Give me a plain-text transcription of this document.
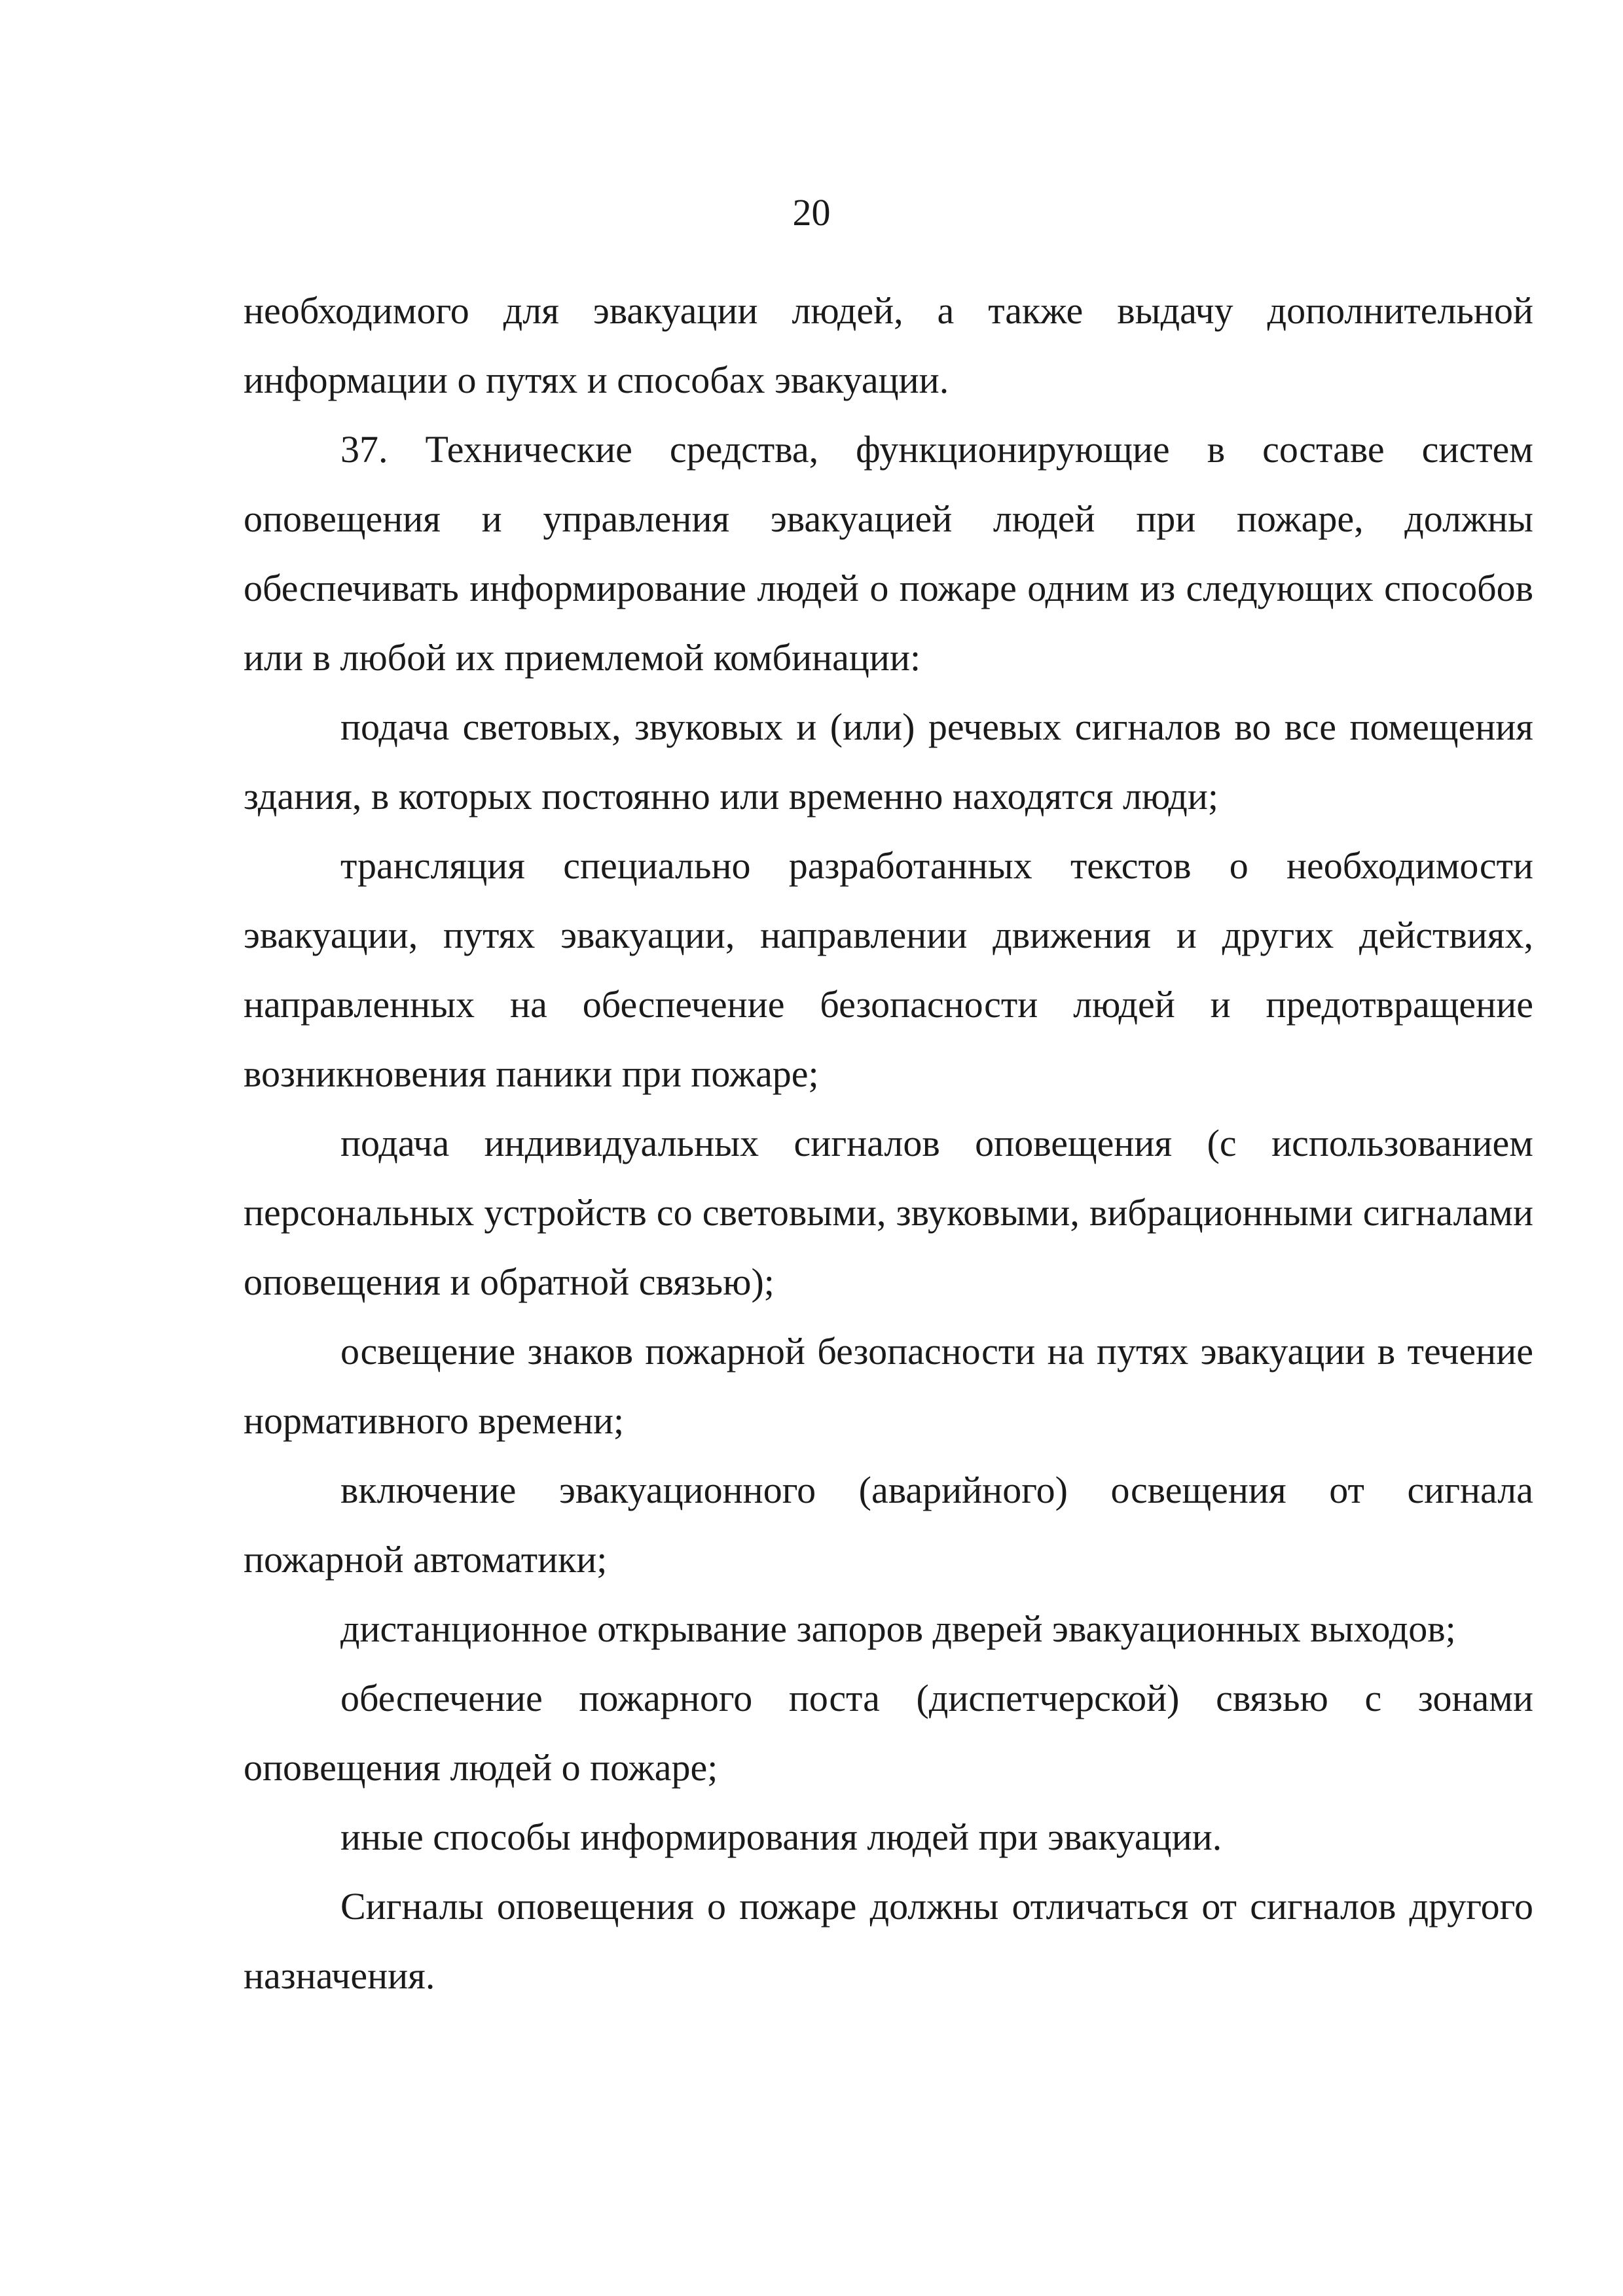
20

необходимого для эвакуации людей, а также выдачу дополнительной информации о путях и способах эвакуации.

37. Технические средства, функционирующие в составе систем оповещения и управления эвакуацией людей при пожаре, должны обеспечивать информирование людей о пожаре одним из следующих способов или в любой их приемлемой комбинации:

подача световых, звуковых и (или) речевых сигналов во все помещения здания, в которых постоянно или временно находятся люди;

трансляция специально разработанных текстов о необходимости эвакуации, путях эвакуации, направлении движения и других действиях, направленных на обеспечение безопасности людей и предотвращение возникновения паники при пожаре;

подача индивидуальных сигналов оповещения (с использованием персональных устройств со световыми, звуковыми, вибрационными сигналами оповещения и обратной связью);

освещение знаков пожарной безопасности на путях эвакуации в течение нормативного времени;

включение эвакуационного (аварийного) освещения от сигнала пожарной автоматики;

дистанционное открывание запоров дверей эвакуационных выходов;

обеспечение пожарного поста (диспетчерской) связью с зонами оповещения людей о пожаре;

иные способы информирования людей при эвакуации.

Сигналы оповещения о пожаре должны отличаться от сигналов другого назначения.
